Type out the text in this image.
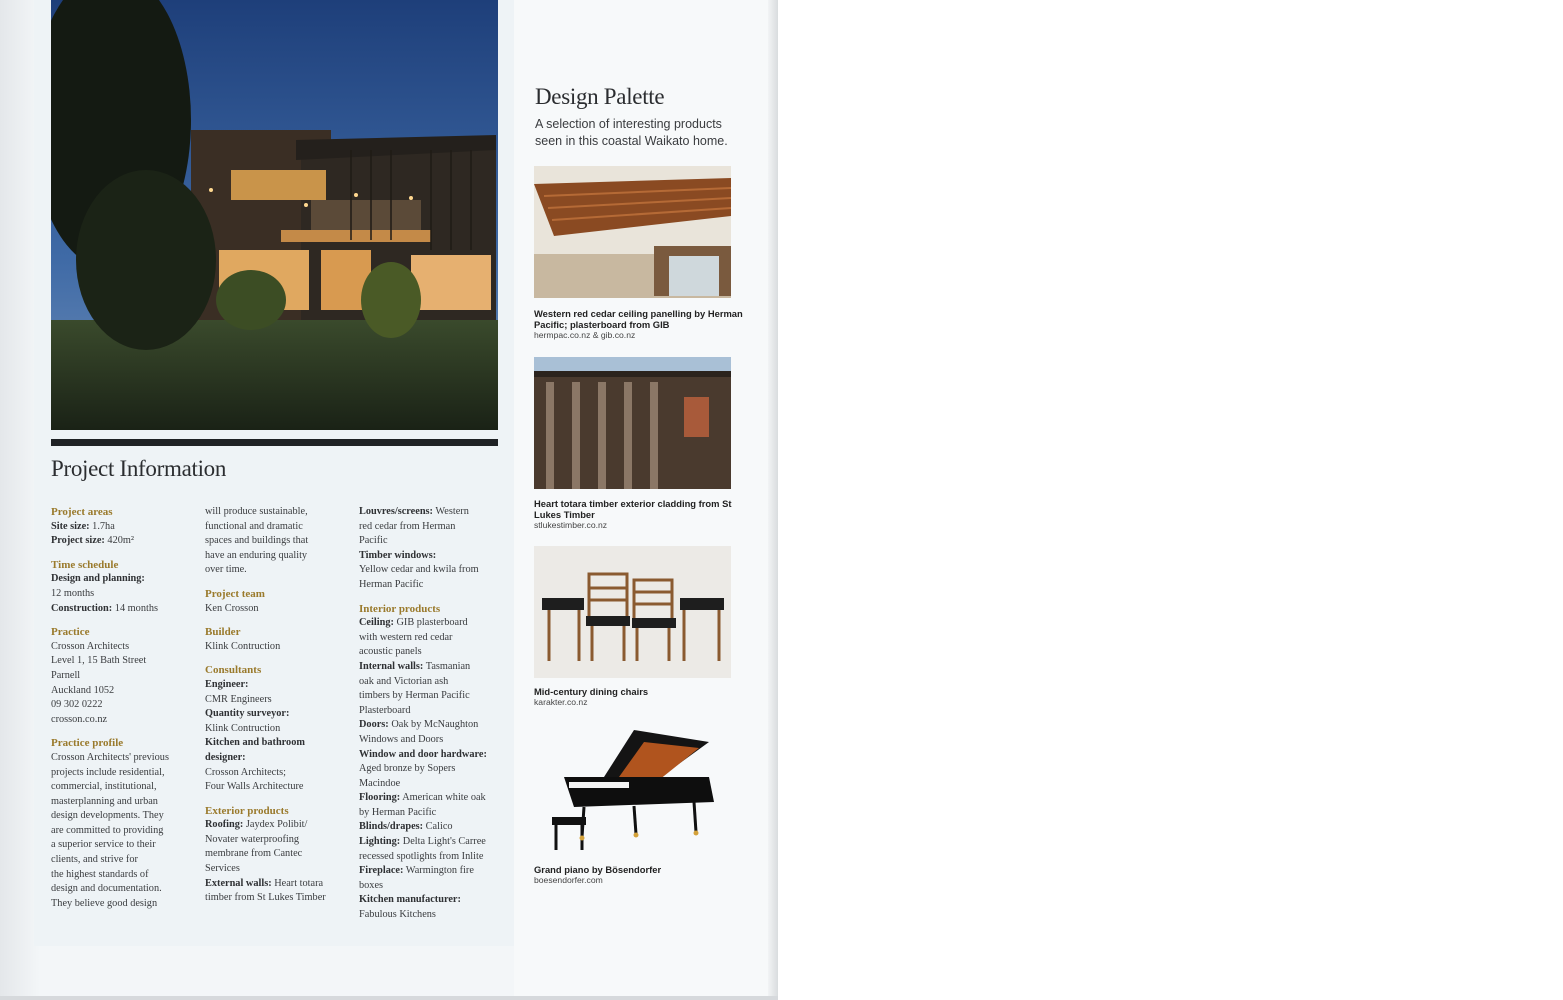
Project Information
Project areas
Site size: 1.7ha
Project size: 420m²
Time schedule
Design and planning:
12 months
Construction: 14 months
Practice
Crosson Architects
Level 1, 15 Bath Street
Parnell
Auckland 1052
09 302 0222
crosson.co.nz
Practice profile
Crosson Architects' previous
projects include residential,
commercial, institutional,
masterplanning and urban
design developments. They
are committed to providing
a superior service to their
clients, and strive for
the highest standards of
design and documentation.
They believe good design
will produce sustainable,
functional and dramatic
spaces and buildings that
have an enduring quality
over time.
Project team
Ken Crosson
Builder
Klink Contruction
Consultants
Engineer:
CMR Engineers
Quantity surveyor:
Klink Contruction
Kitchen and bathroom
designer:
Crosson Architects;
Four Walls Architecture
Exterior products
Roofing: Jaydex Polibit/
Novater waterproofing
membrane from Cantec
Services
External walls: Heart totara
timber from St Lukes Timber
Louvres/screens: Western
red cedar from Herman
Pacific
Timber windows:
Yellow cedar and kwila from
Herman Pacific
Interior products
Ceiling: GIB plasterboard
with western red cedar
acoustic panels
Internal walls: Tasmanian
oak and Victorian ash
timbers by Herman Pacific
Plasterboard
Doors: Oak by McNaughton
Windows and Doors
Window and door hardware:
Aged bronze by Sopers
Macindoe
Flooring: American white oak
by Herman Pacific
Blinds/drapes: Calico
Lighting: Delta Light's Carree
recessed spotlights from Inlite
Fireplace: Warmington fire
boxes
Kitchen manufacturer:
Fabulous Kitchens
Design Palette
A selection of interesting products seen in this coastal Waikato home.
Western red cedar ceiling panelling by Herman Pacific; plasterboard from GIB
hermpac.co.nz & gib.co.nz
Heart totara timber exterior cladding from St Lukes Timber
stlukestimber.co.nz
Mid-century dining chairs
karakter.co.nz
Grand piano by Bösendorfer
boesendorfer.com
